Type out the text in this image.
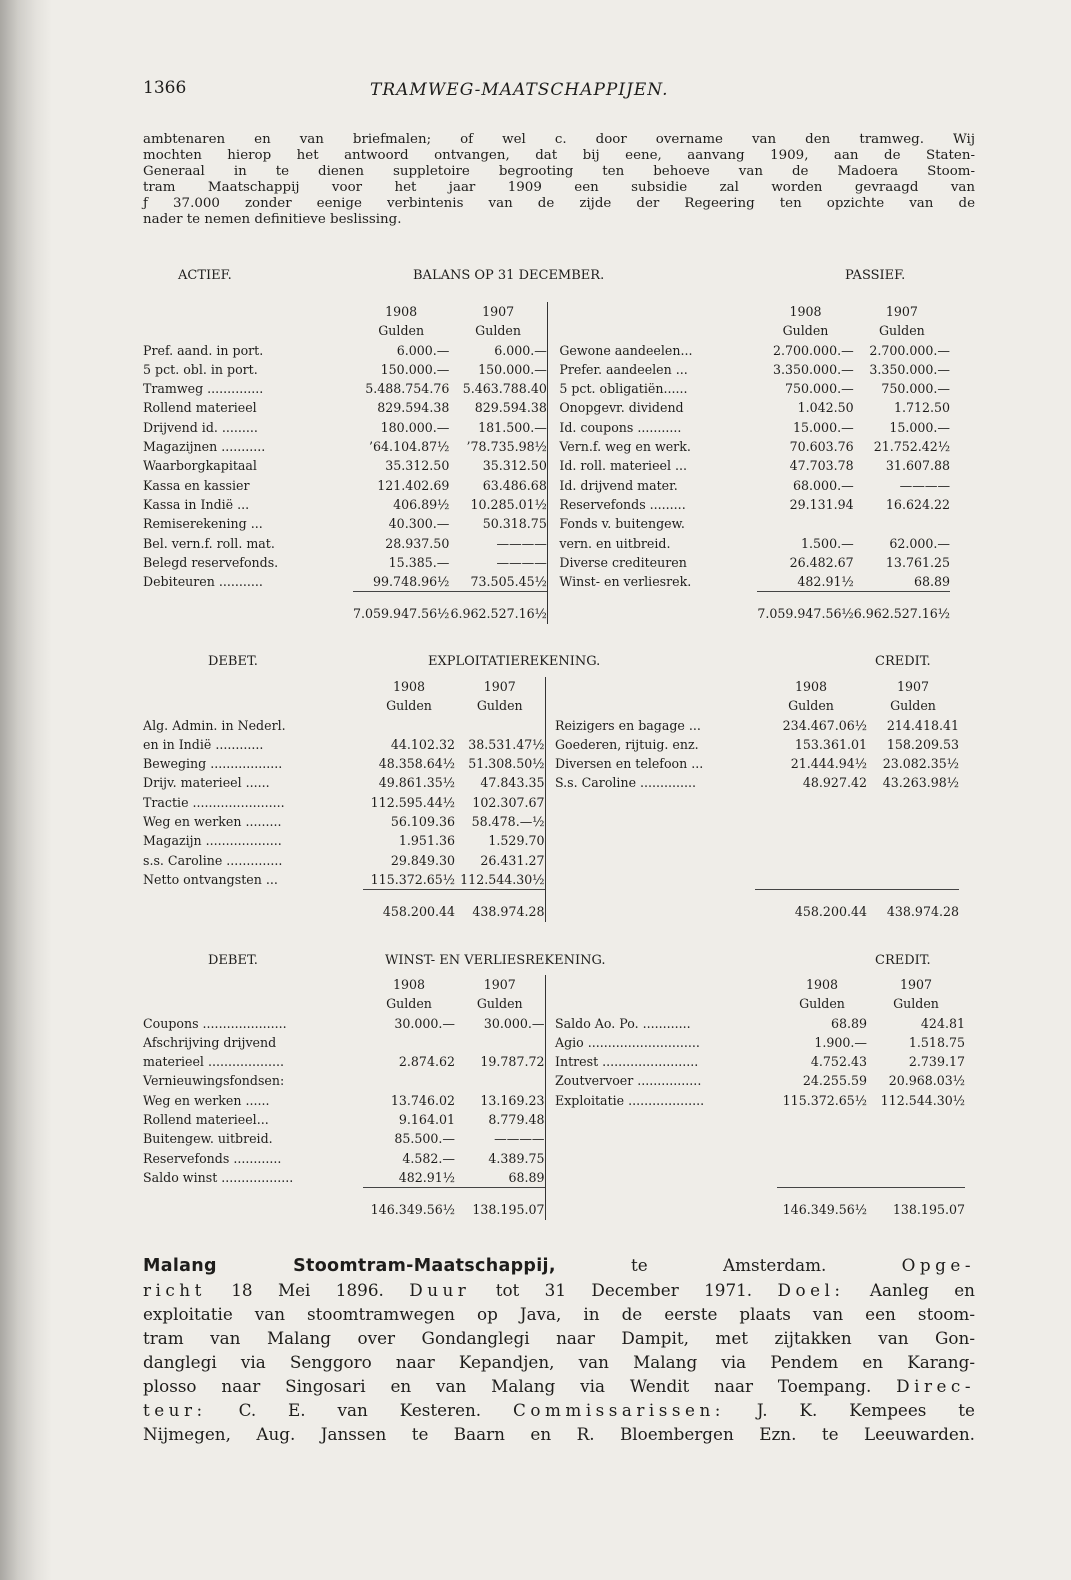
1366	TRAMWEG-MAATSCHAPPIJEN.
ambtenaren en van briefmalen; of wel c. door overname van den tramweg. Wij
mochten hierop het antwoord ontvangen, dat bij eene, aanvang 1909, aan de Staten-
Generaal in te dienen suppletoire begrooting ten behoeve van de Madoera Stoom-
tram Maatschappij voor het jaar 1909 een subsidie zal worden gevraagd van
ƒ 37.000 zonder eenige verbintenis van de zijde der Regeering ten opzichte van de
nader te nemen definitieve beslissing.
ACTIEF.	BALANS OP 31 DECEMBER.	PASSIEF.
	1908	1907			1908	1907
	Gulden	Gulden			Gulden	Gulden
Pref. aand. in port.	6.000.—	6.000.—		Gewone aandeelen...	2.700.000.—	2.700.000.—
5 pct. obl. in port.	150.000.—	150.000.—		Prefer. aandeelen ...	3.350.000.—	3.350.000.—
Tramweg ..............	5.488.754.76	5.463.788.40		5 pct. obligatiën......	750.000.—	750.000.—
Rollend materieel	829.594.38	829.594.38		Onopgevr. dividend	1.042.50	1.712.50
Drijvend id. .........	180.000.—	181.500.—		Id. coupons ...........	15.000.—	15.000.—
Magazijnen ...........	’64.104.87½	’78.735.98½		Vern.f. weg en werk.	70.603.76	21.752.42½
Waarborgkapitaal	35.312.50	35.312.50		Id. roll. materieel ...	47.703.78	31.607.88
Kassa en kassier	121.402.69	63.486.68		Id. drijvend mater.	68.000.—	————
Kassa in Indië ...	406.89½	10.285.01½		Reservefonds .........	29.131.94	16.624.22
Remiserekening ...	40.300.—	50.318.75		Fonds v. buitengew.		
Bel. vern.f. roll. mat.	28.937.50	————		vern. en uitbreid.	1.500.—	62.000.—
Belegd reservefonds.	15.385.—	————		Diverse crediteuren	26.482.67	13.761.25
Debiteuren ...........	99.748.96½	73.505.45½		Winst- en verliesrek.	482.91½	68.89
	7.059.947.56½	6.962.527.16½			7.059.947.56½	6.962.527.16½
DEBET.	EXPLOITATIEREKENING.	CREDIT.
	1908	1907			1908	1907
	Gulden	Gulden			Gulden	Gulden
Alg. Admin. in Nederl.				Reizigers en bagage ...	234.467.06½	214.418.41
en in Indië ............	44.102.32	38.531.47½		Goederen, rijtuig. enz.	153.361.01	158.209.53
Beweging ..................	48.358.64½	51.308.50½		Diversen en telefoon ...	21.444.94½	23.082.35½
Drijv. materieel ......	49.861.35½	47.843.35		S.s. Caroline ..............	48.927.42	43.263.98½
Tractie .......................	112.595.44½	102.307.67				
Weg en werken .........	56.109.36	58.478.—½				
Magazijn ...................	1.951.36	1.529.70				
s.s. Caroline ..............	29.849.30	26.431.27				
Netto ontvangsten ...	115.372.65½	112.544.30½				
	458.200.44	438.974.28			458.200.44	438.974.28
DEBET.	WINST- EN VERLIESREKENING.	CREDIT.
	1908	1907			1908	1907
	Gulden	Gulden			Gulden	Gulden
Coupons .....................	30.000.—	30.000.—		Saldo Ao. Po. ............	68.89	424.81
Afschrijving drijvend				Agio ............................	1.900.—	1.518.75
materieel ...................	2.874.62	19.787.72		Intrest ........................	4.752.43	2.739.17
Vernieuwingsfondsen:				Zoutvervoer ................	24.255.59	20.968.03½
Weg en werken ......	13.746.02	13.169.23		Exploitatie ...................	115.372.65½	112.544.30½
Rollend materieel...	9.164.01	8.779.48				
Buitengew. uitbreid.	85.500.—	————				
Reservefonds ............	4.582.—	4.389.75				
Saldo winst ..................	482.91½	68.89				
	146.349.56½	138.195.07			146.349.56½	138.195.07
Malang Stoomtram-Maatschappij, te Amsterdam.	Opge-
richt 18 Mei 1896. Duur tot 31 December 1971. Doel: Aanleg en
exploitatie van stoomtramwegen op Java, in de eerste plaats van een stoom-
tram van Malang over Gondanglegi naar Dampit, met zijtakken van Gon-
danglegi via Senggoro naar Kepandjen, van Malang via Pendem en Karang-
plosso naar Singosari en van Malang via Wendit naar Toempang. Direc-
teur: C. E. van Kesteren. Commissarissen: J. K. Kempees te
Nijmegen, Aug. Janssen te Baarn en R. Bloembergen Ezn. te Leeuwarden.
